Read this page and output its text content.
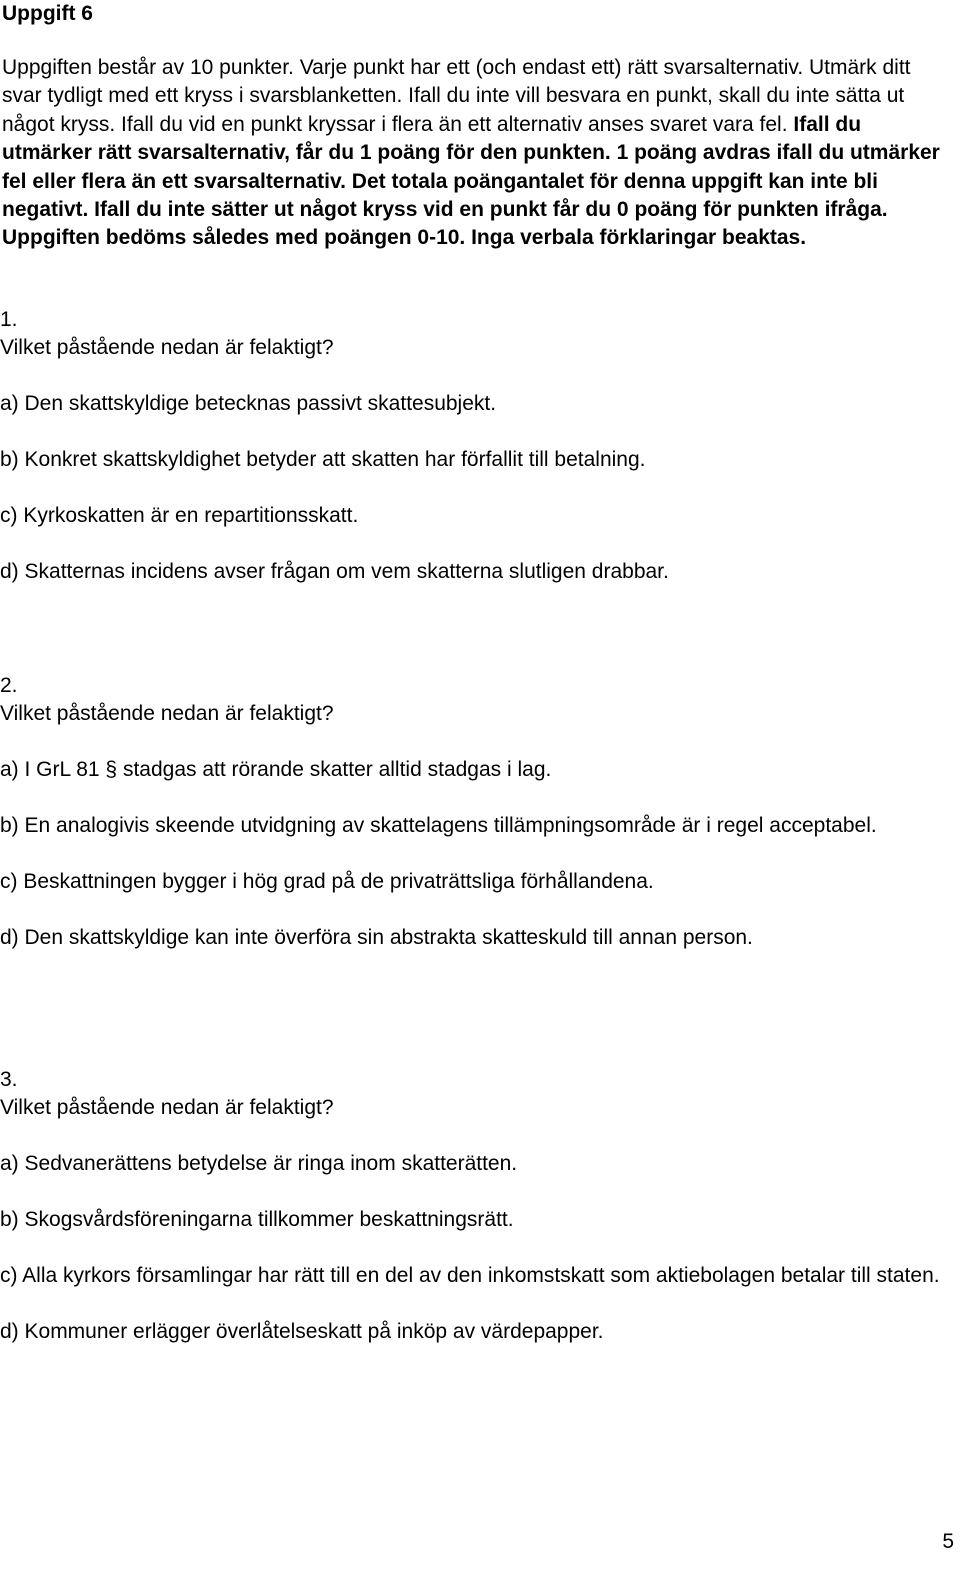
Uppgift 6
Uppgiften består av 10 punkter. Varje punkt har ett (och endast ett) rätt svarsalternativ. Utmärk ditt svar tydligt med ett kryss i svarsblanketten. Ifall du inte vill besvara en punkt, skall du inte sätta ut något kryss. Ifall du vid en punkt kryssar i flera än ett alternativ anses svaret vara fel. Ifall du utmärker rätt svarsalternativ, får du 1 poäng för den punkten. 1 poäng avdras ifall du utmärker fel eller flera än ett svarsalternativ. Det totala poängantalet för denna uppgift kan inte bli negativt. Ifall du inte sätter ut något kryss vid en punkt får du 0 poäng för punkten ifråga. Uppgiften bedöms således med poängen 0-10. Inga verbala förklaringar beaktas.
1.
Vilket påstående nedan är felaktigt?
a) Den skattskyldige betecknas passivt skattesubjekt.
b) Konkret skattskyldighet betyder att skatten har förfallit till betalning.
c) Kyrkoskatten är en repartitionsskatt.
d) Skatternas incidens avser frågan om vem skatterna slutligen drabbar.
2.
Vilket påstående nedan är felaktigt?
a) I GrL 81 § stadgas att rörande skatter alltid stadgas i lag.
b) En analogivis skeende utvidgning av skattelagens tillämpningsområde är i regel acceptabel.
c) Beskattningen bygger i hög grad på de privaträttsliga förhållandena.
d) Den skattskyldige kan inte överföra sin abstrakta skatteskuld till annan person.
3.
Vilket påstående nedan är felaktigt?
a) Sedvanerättens betydelse är ringa inom skatterätten.
b) Skogsvårdsföreningarna tillkommer beskattningsrätt.
c) Alla kyrkors församlingar har rätt till en del av den inkomstskatt som aktiebolagen betalar till staten.
d) Kommuner erlägger överlåtelseskatt på inköp av värdepapper.
5
